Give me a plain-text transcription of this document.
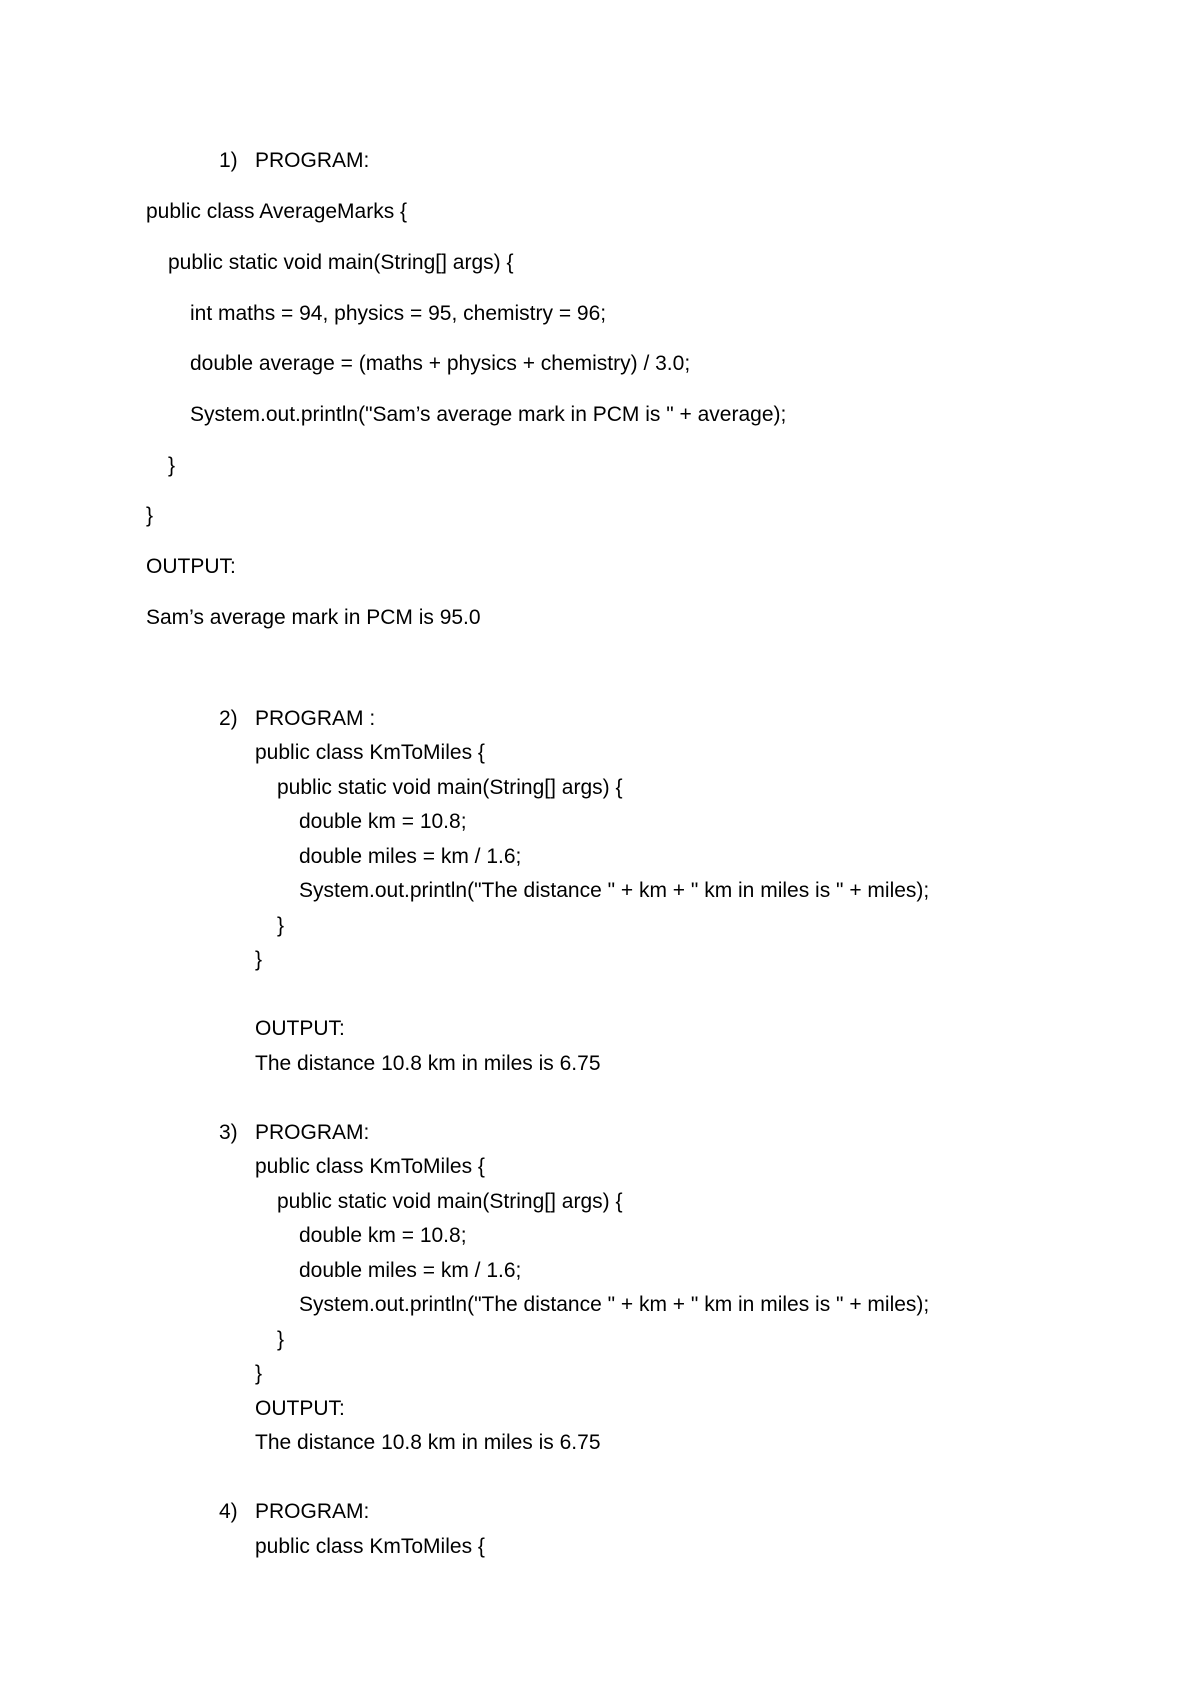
1) PROGRAM:
public class AverageMarks {
public static void main(String[] args) {
int maths = 94, physics = 95, chemistry = 96;
double average = (maths + physics + chemistry) / 3.0;
System.out.println("Sam’s average mark in PCM is " + average);
}
}
OUTPUT:
Sam’s average mark in PCM is 95.0
2) PROGRAM :
public class KmToMiles {
public static void main(String[] args) {
double km = 10.8;
double miles = km / 1.6;
System.out.println("The distance " + km + " km in miles is " + miles);
}
}
OUTPUT:
The distance 10.8 km in miles is 6.75
3) PROGRAM:
public class KmToMiles {
public static void main(String[] args) {
double km = 10.8;
double miles = km / 1.6;
System.out.println("The distance " + km + " km in miles is " + miles);
}
}
OUTPUT:
The distance 10.8 km in miles is 6.75
4) PROGRAM:
public class KmToMiles {
